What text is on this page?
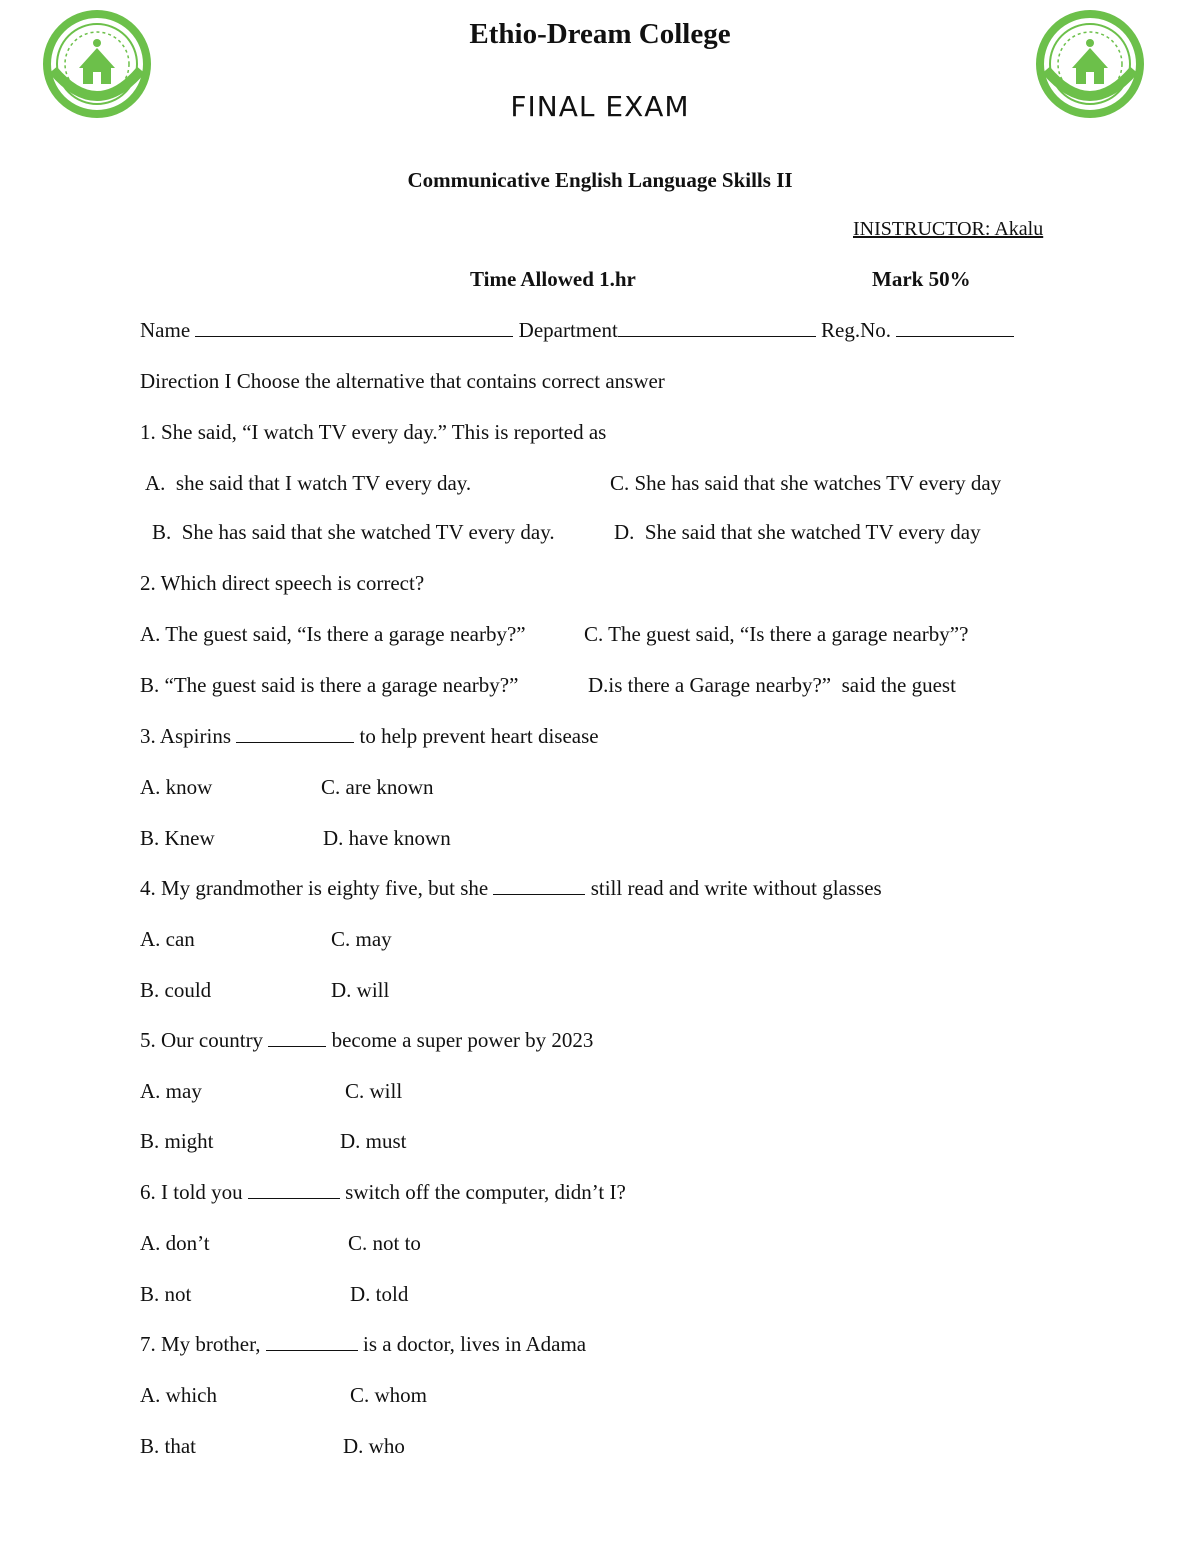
Ethio-Dream College
FINAL EXAM
Communicative English Language Skills II
INISTRUCTOR: Akalu
Time Allowed 1.hr	Mark 50%
Name	Department	Reg.No.
Direction I Choose the alternative that contains correct answer
1. She said, “I watch TV every day.” This is reported as
A.  she said that I watch TV every day.	C. She has said that she watches TV every day
B.  She has said that she watched TV every day.	D.  She said that she watched TV every day
2. Which direct speech is correct?
A. The guest said, “Is there a garage nearby?”	C. The guest said, “Is there a garage nearby”?
B. “The guest said is there a garage nearby?”	D.is there a Garage nearby?”  said the guest
3. Aspirins	to help prevent heart disease
A. know	C. are known
B. Knew	D. have known
4. My grandmother is eighty five, but she	still read and write without glasses
A. can	C. may
B. could	D. will
5. Our country	become a super power by 2023
A. may	C. will
B. might	D. must
6. I told you	switch off the computer, didn’t I?
A. don’t	C. not to
B. not	D. told
7. My brother,	is a doctor, lives in Adama
A. which	C. whom
B. that	D. who
